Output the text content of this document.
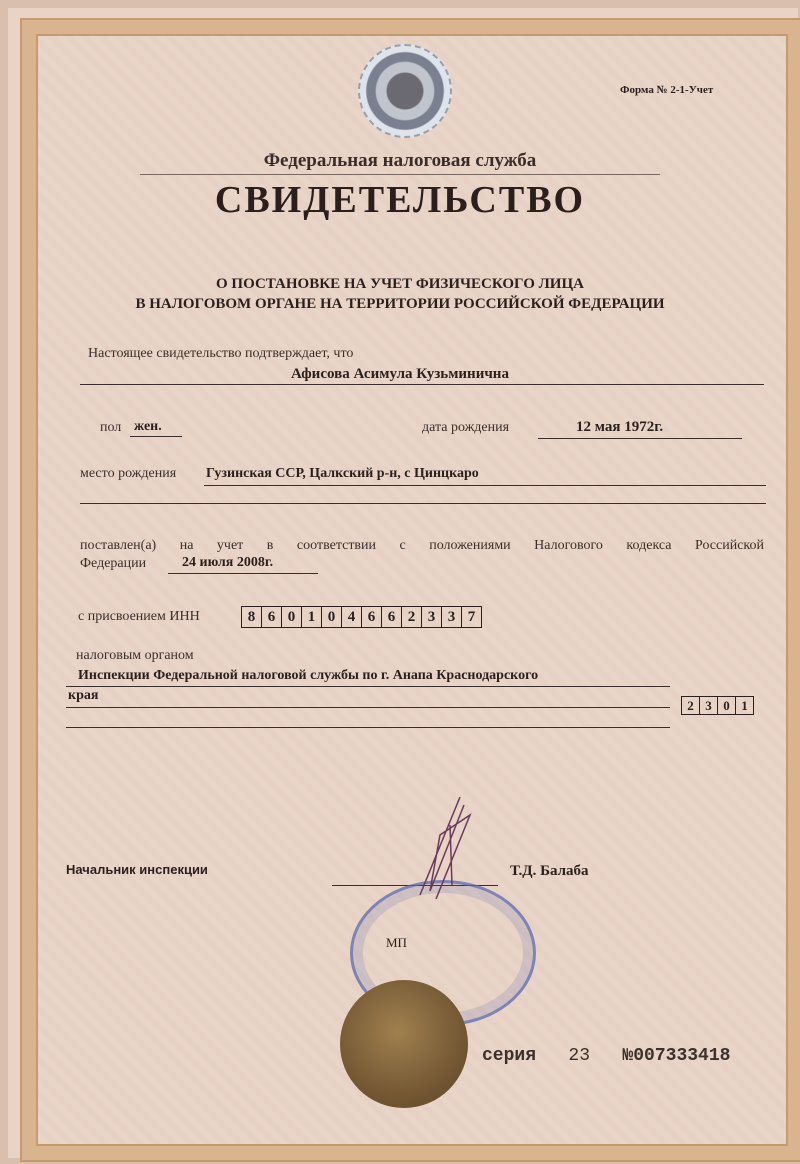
Форма № 2-1-Учет
Федеральная налоговая служба
СВИДЕТЕЛЬСТВО
О ПОСТАНОВКЕ НА УЧЕТ ФИЗИЧЕСКОГО ЛИЦА
В НАЛОГОВОМ ОРГАНЕ НА ТЕРРИТОРИИ РОССИЙСКОЙ ФЕДЕРАЦИИ
Настоящее свидетельство подтверждает, что
Афисова Асимула Кузьминична
пол жен.	дата рождения	12 мая 1972г.
место рождения Гузинская ССР, Цалкский р-н, с Цинцкаро
поставлен(а) на учет в соответствии с положениями Налогового кодекса Российской
Федерации	24 июля 2008г.
с присвоением ИНН	8 6 0 1 0 4 6 6 2 3 3 7
налоговым органом
Инспекции Федеральной налоговой службы по г. Анапа Краснодарского
края
2 3 0 1
Начальник инспекции	Т.Д. Балаба
МП
серия 23 №007333418
